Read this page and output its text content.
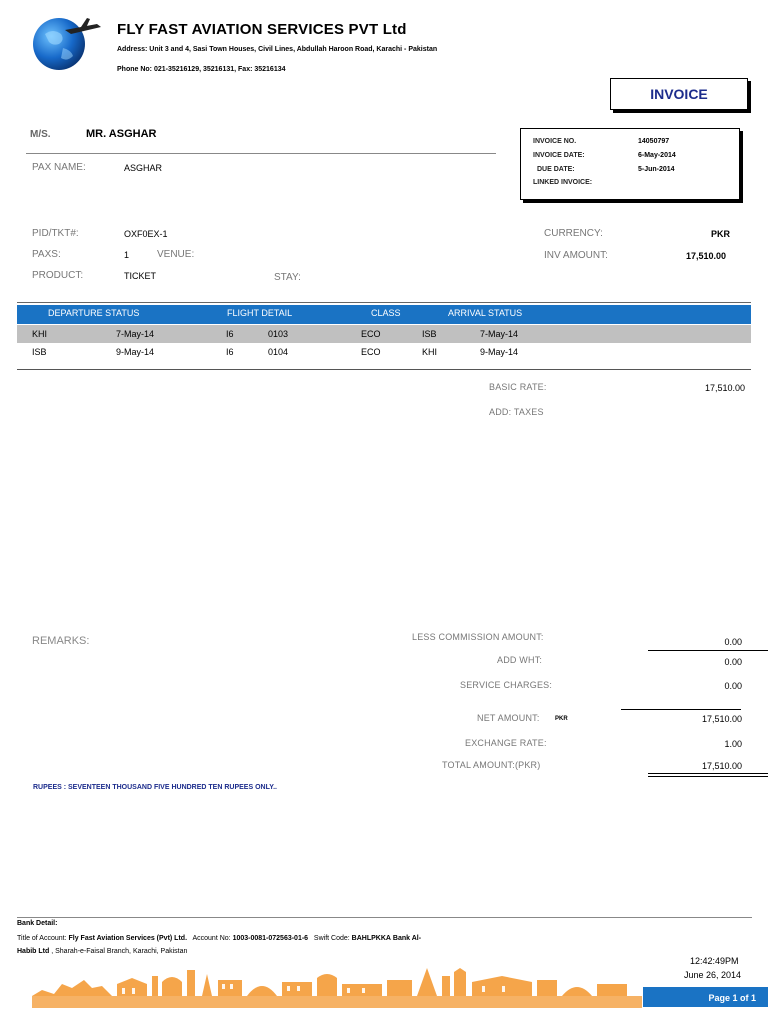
FLY FAST AVIATION SERVICES PVT Ltd
Address: Unit 3 and 4, Sasi Town Houses, Civil Lines, Abdullah Haroon Road, Karachi - Pakistan
Phone No: 021-35216129, 35216131, Fax: 35216134
INVOICE
M/S.	MR. ASGHAR
PAX NAME:	ASGHAR
INVOICE NO.	14050797
INVOICE DATE:	6-May-2014
DUE DATE:	5-Jun-2014
LINKED INVOICE:
PID/TKT#:	OXF0EX-1
PAXS:	1	VENUE:
PRODUCT:	TICKET	STAY:
CURRENCY:	PKR
INV AMOUNT:	17,510.00
DEPARTURE STATUS	FLIGHT DETAIL	CLASS	ARRIVAL STATUS
KHI	7-May-14	I6	0103	ECO	ISB	7-May-14
ISB	9-May-14	I6	0104	ECO	KHI	9-May-14
BASIC RATE:	17,510.00
ADD: TAXES
REMARKS:	LESS COMMISSION AMOUNT:	0.00
ADD WHT:	0.00
SERVICE CHARGES:	0.00
NET AMOUNT:	PKR	17,510.00
EXCHANGE RATE:	1.00
TOTAL AMOUNT:(PKR)	17,510.00
RUPEES : SEVENTEEN THOUSAND FIVE HUNDRED TEN RUPEES ONLY..
Bank Detail:
Title of Account: Fly Fast Aviation Services (Pvt) Ltd. Account No: 1003-0081-072563-01-6 Swift Code: BAHLPKKA Bank Al-
Habib Ltd , Sharah-e-Faisal Branch, Karachi, Pakistan
12:42:49PM
June 26, 2014
Page 1 of 1
